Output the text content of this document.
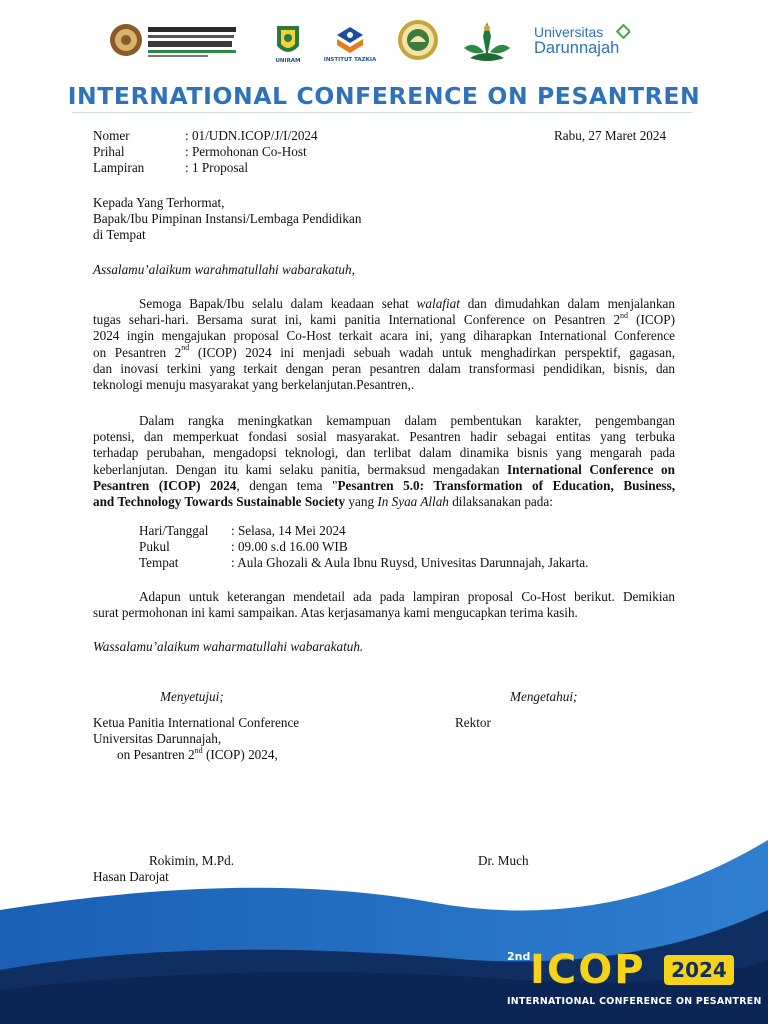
UNIRAM	INSTITUT TAZKIA
Universitas
Darunnajah
INTERNATIONAL CONFERENCE ON PESANTREN
Nomer	: 01/UDN.ICOP/J/I/2024	Rabu, 27 Maret 2024
Prihal	: Permohonan Co-Host
Lampiran	: 1 Proposal
Kepada Yang Terhormat,
Bapak/Ibu Pimpinan Instansi/Lembaga Pendidikan
di Tempat
Assalamu’alaikum warahmatullahi wabarakatuh,
Semoga Bapak/Ibu selalu dalam keadaan sehat walafiat dan dimudahkan dalam menjalankan
tugas sehari-hari. Bersama surat ini, kami panitia International Conference on Pesantren 2nd (ICOP)
2024 ingin mengajukan proposal Co-Host terkait acara ini, yang diharapkan International Conference
on Pesantren 2nd (ICOP) 2024 ini menjadi sebuah wadah untuk menghadirkan perspektif, gagasan,
dan inovasi terkini yang terkait dengan peran pesantren dalam transformasi pendidikan, bisnis, dan
teknologi menuju masyarakat yang berkelanjutan.Pesantren,.
Dalam rangka meningkatkan kemampuan dalam pembentukan karakter, pengembangan
potensi, dan memperkuat fondasi sosial masyarakat. Pesantren hadir sebagai entitas yang terbuka
terhadap perubahan, mengadopsi teknologi, dan terlibat dalam dinamika bisnis yang mengarah pada
keberlanjutan. Dengan itu kami selaku panitia, bermaksud mengadakan International Conference on
Pesantren (ICOP) 2024, dengan tema "Pesantren 5.0: Transformation of Education, Business,
and Technology Towards Sustainable Society yang In Syaa Allah dilaksanakan pada:
Hari/Tanggal : Selasa, 14 Mei 2024
Pukul	: 09.00 s.d 16.00 WIB
Tempat	: Aula Ghozali & Aula Ibnu Ruysd, Univesitas Darunnajah, Jakarta.
Adapun untuk keterangan mendetail ada pada lampiran proposal Co-Host berikut. Demikian
surat permohonan ini kami sampaikan. Atas kerjasamanya kami mengucapkan terima kasih.
Wassalamu’alaikum waharmatullahi wabarakatuh.
Menyetujui;	Mengetahui;
Ketua Panitia International Conference	Rektor
Universitas Darunnajah,
on Pesantren 2nd (ICOP) 2024,
Rokimin, M.Pd.	Dr. Much
Hasan Darojat
2nd ICOP	2024
INTERNATIONAL CONFERENCE ON PESANTREN
